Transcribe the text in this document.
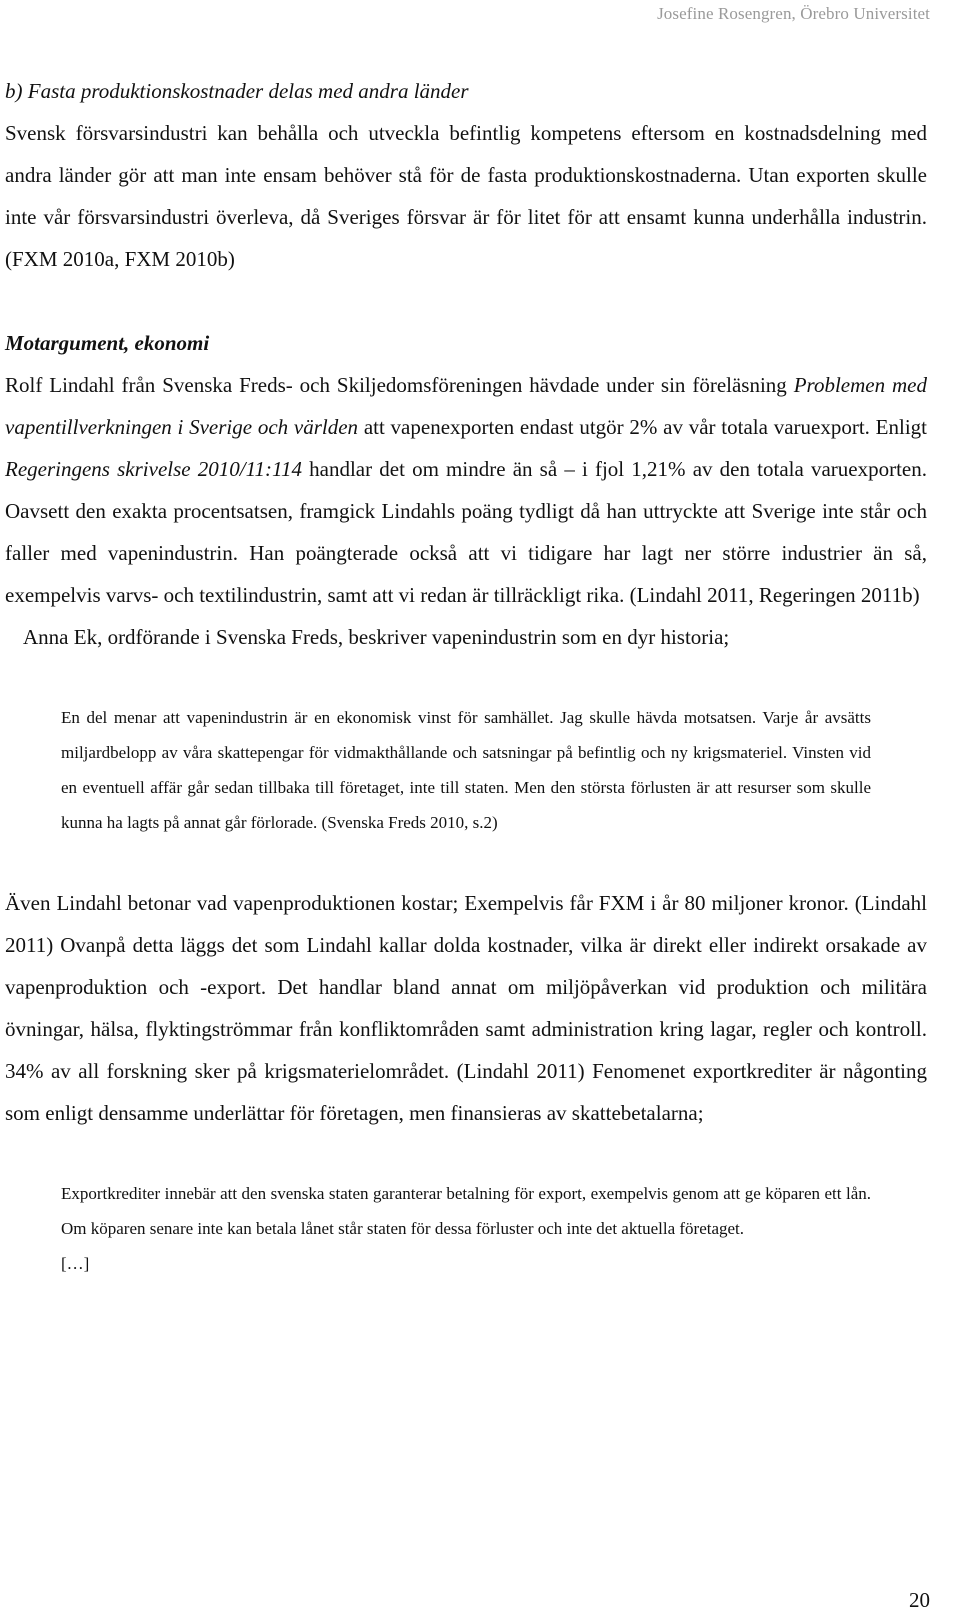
Josefine Rosengren, Örebro Universitet

b) Fasta produktionskostnader delas med andra länder

Svensk försvarsindustri kan behålla och utveckla befintlig kompetens eftersom en kostnadsdelning med andra länder gör att man inte ensam behöver stå för de fasta produktionskostnaderna. Utan exporten skulle inte vår försvarsindustri överleva, då Sveriges försvar är för litet för att ensamt kunna underhålla industrin. (FXM 2010a, FXM 2010b)

Motargument, ekonomi

Rolf Lindahl från Svenska Freds- och Skiljedomsföreningen hävdade under sin föreläsning Problemen med vapentillverkningen i Sverige och världen att vapenexporten endast utgör 2% av vår totala varuexport. Enligt Regeringens skrivelse 2010/11:114 handlar det om mindre än så – i fjol 1,21% av den totala varuexporten. Oavsett den exakta procentsatsen, framgick Lindahls poäng tydligt då han uttryckte att Sverige inte står och faller med vapenindustrin. Han poängterade också att vi tidigare har lagt ner större industrier än så, exempelvis varvs- och textilindustrin, samt att vi redan är tillräckligt rika. (Lindahl 2011, Regeringen 2011b)

Anna Ek, ordförande i Svenska Freds, beskriver vapenindustrin som en dyr historia;

En del menar att vapenindustrin är en ekonomisk vinst för samhället. Jag skulle hävda motsatsen. Varje år avsätts miljardbelopp av våra skattepengar för vidmakthållande och satsningar på befintlig och ny krigsmateriel. Vinsten vid en eventuell affär går sedan tillbaka till företaget, inte till staten. Men den största förlusten är att resurser som skulle kunna ha lagts på annat går förlorade. (Svenska Freds 2010, s.2)

Även Lindahl betonar vad vapenproduktionen kostar; Exempelvis får FXM i år 80 miljoner kronor. (Lindahl 2011) Ovanpå detta läggs det som Lindahl kallar dolda kostnader, vilka är direkt eller indirekt orsakade av vapenproduktion och -export. Det handlar bland annat om miljöpåverkan vid produktion och militära övningar, hälsa, flyktingströmmar från konfliktområden samt administration kring lagar, regler och kontroll. 34% av all forskning sker på krigsmaterielområdet. (Lindahl 2011) Fenomenet exportkrediter är någonting som enligt densamme underlättar för företagen, men finansieras av skattebetalarna;

Exportkrediter innebär att den svenska staten garanterar betalning för export, exempelvis genom att ge köparen ett lån. Om köparen senare inte kan betala lånet står staten för dessa förluster och inte det aktuella företaget.

[…]

20
